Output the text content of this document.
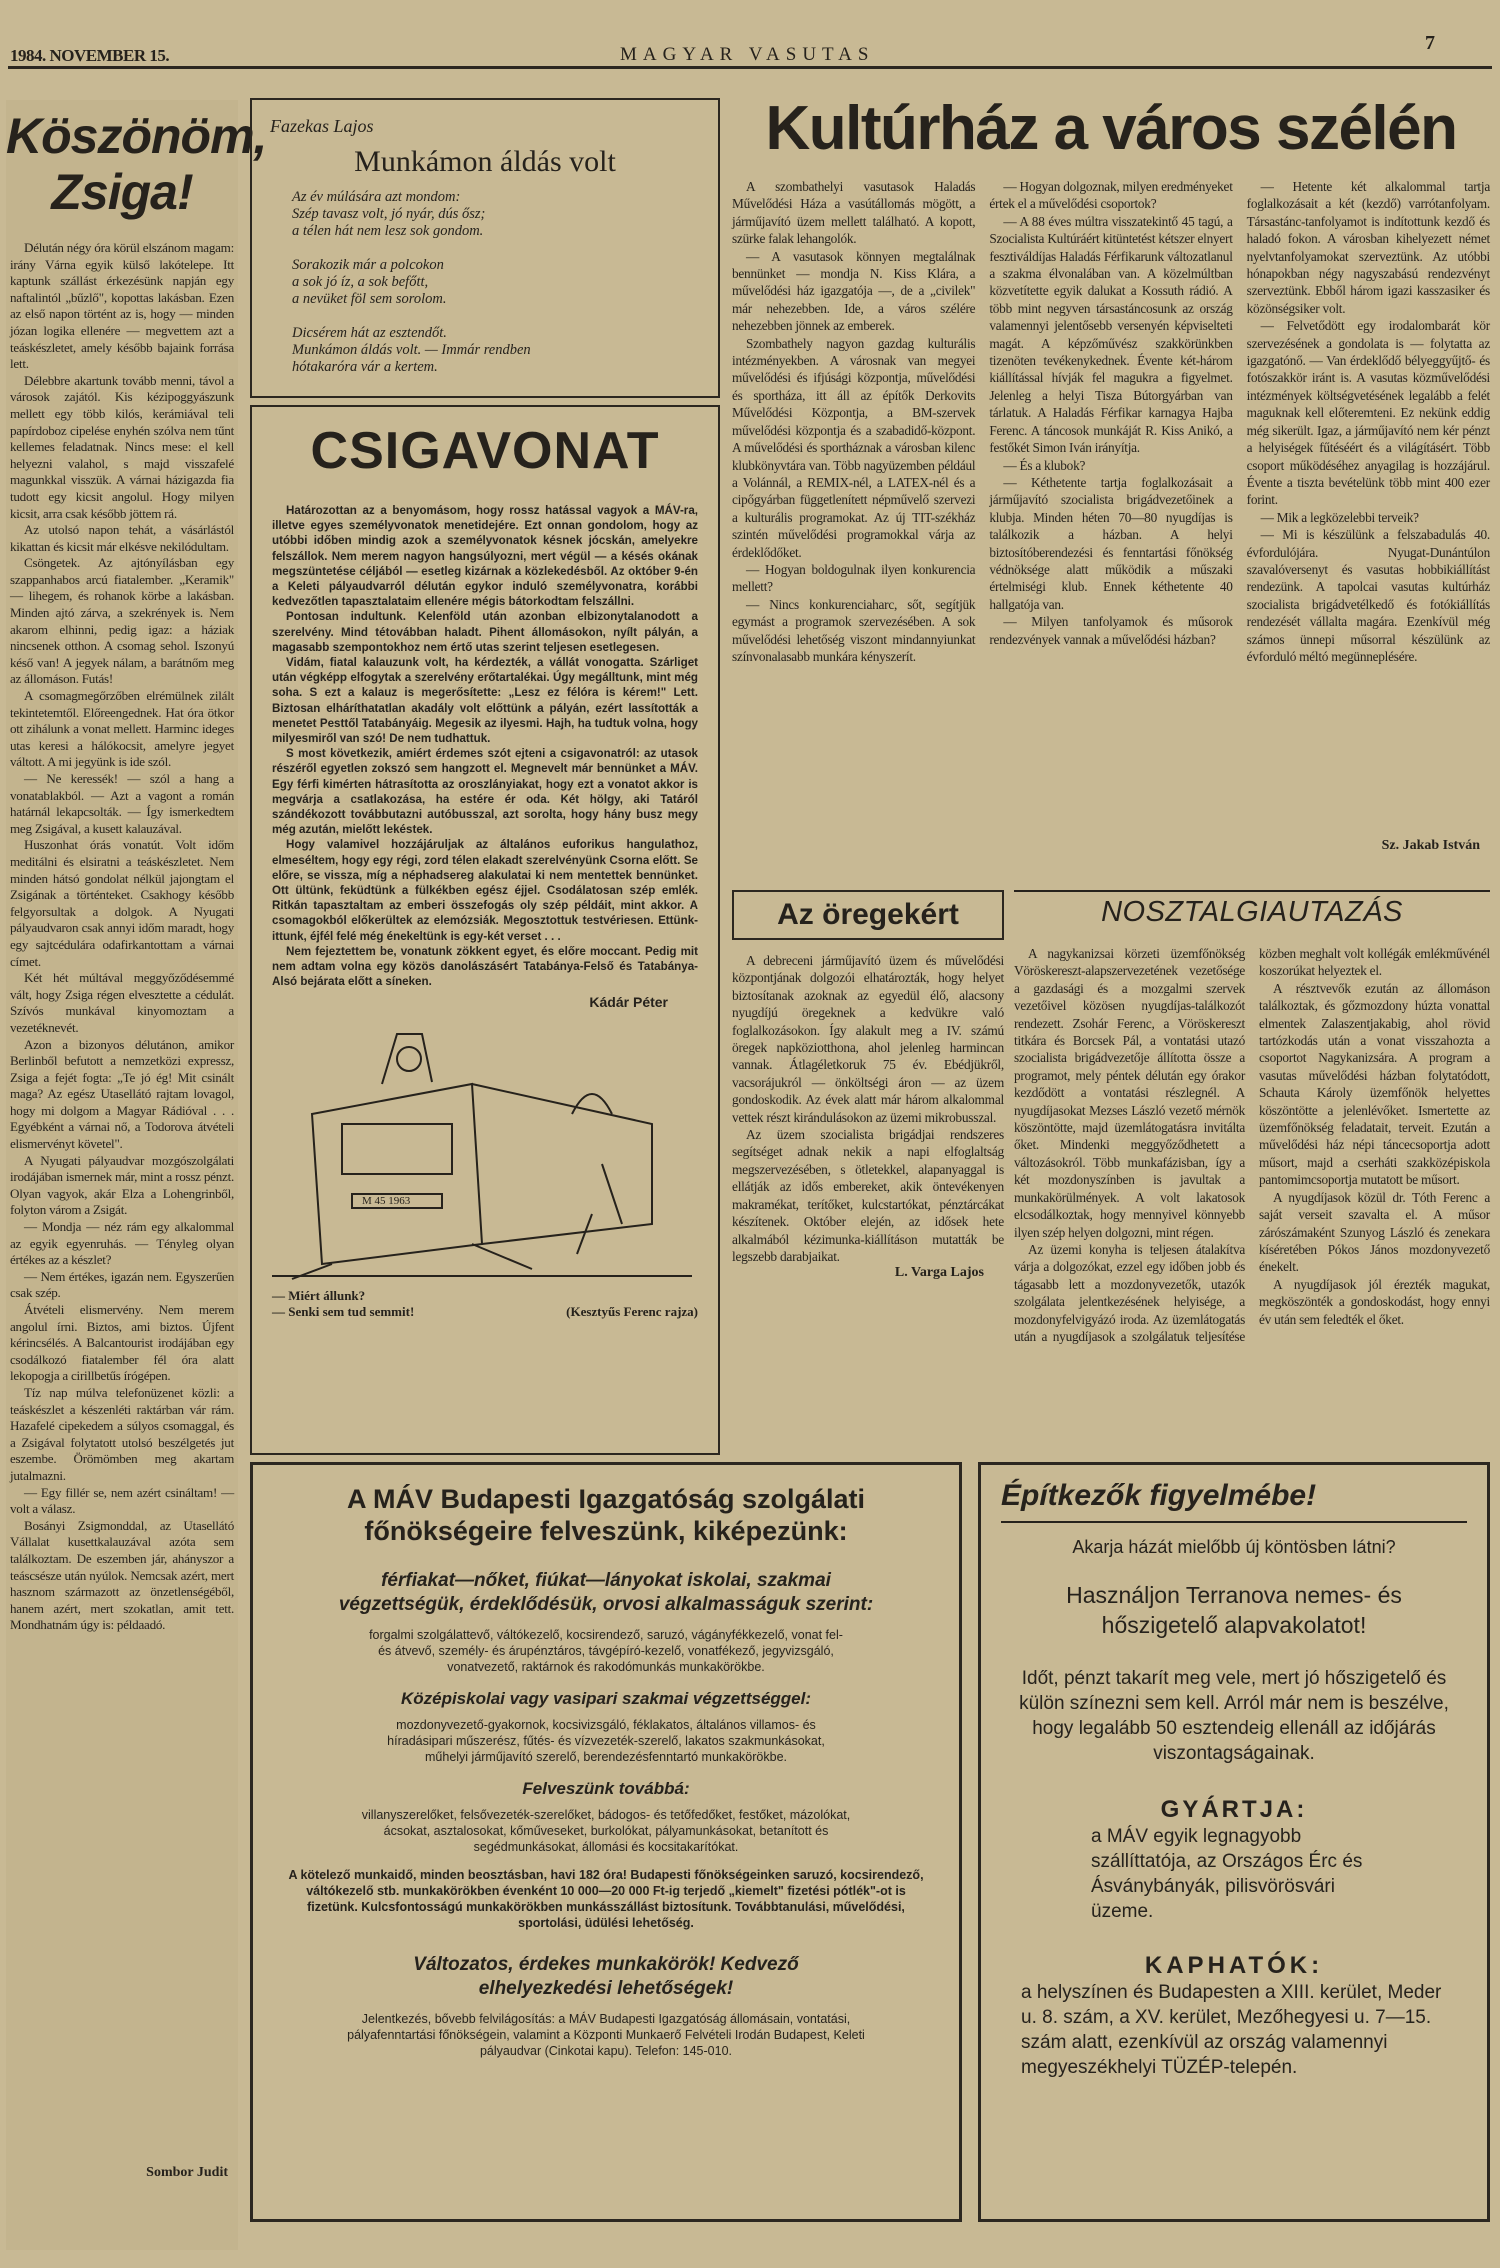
1984. NOVEMBER 15.	MAGYAR VASUTAS
7
Köszönöm,
Zsiga!

Délután négy óra körül elszánom magam: irány Várna egyik külső lakótelepe. Itt kaptunk szállást érkezésünk napján egy naftalintól „bűzlő", kopottas lakásban. Ezen az első napon történt az is, hogy — minden józan logika ellenére — megvettem azt a teáskészletet, amely később bajaink forrása lett.

Délebbre akartunk tovább menni, távol a városok zajától. Kis kézipoggyászunk mellett egy több kilós, kerámiával teli papírdoboz cipelése enyhén szólva nem tűnt kellemes feladatnak. Nincs mese: el kell helyezni valahol, s majd visszafelé magunkkal visszük. A várnai házigazda fia tudott egy kicsit angolul. Hogy milyen kicsit, arra csak később jöttem rá.

Az utolsó napon tehát, a vásárlástól kikattan és kicsit már elkésve nekilódultam.

Csöngetek. Az ajtónyílásban egy szappanhabos arcú fiatalember. „Keramik" — lihegem, és rohanok körbe a lakásban. Minden ajtó zárva, a szekrények is. Nem akarom elhinni, pedig igaz: a háziak nincsenek otthon. A csomag sehol. Iszonyú késő van! A jegyek nálam, a barátnőm meg az állomáson. Futás!

A csomagmegőrzőben elrémülnek zilált tekintetemtől. Előreengednek. Hat óra ötkor ott zihálunk a vonat mellett. Harminc ideges utas keresi a hálókocsit, amelyre jegyet váltott. A mi jegyünk is ide szól.

— Ne keressék! — szól a hang a vonatablakból. — Azt a vagont a román határnál lekapcsolták. — Így ismerkedtem meg Zsigával, a kusett kalauzával.

Huszonhat órás vonatút. Volt időm meditálni és elsiratni a teáskészletet. Nem minden hátsó gondolat nélkül jajongtam el Zsigának a történteket. Csakhogy később felgyorsultak a dolgok. A Nyugati pályaudvaron csak annyi időm maradt, hogy egy sajtcédulára odafirkantottam a várnai címet.

Két hét múltával meggyőződésemmé vált, hogy Zsiga régen elvesztette a cédulát. Szívós munkával kinyomoztam a vezetéknevét.

Azon a bizonyos délutánon, amikor Berlinből befutott a nemzetközi expressz, Zsiga a fejét fogta: „Te jó ég! Mit csinált maga? Az egész Utasellátó rajtam lovagol, hogy mi dolgom a Magyar Rádióval . . . Egyébként a várnai nő, a Todorova átvételi elismervényt követel".

A Nyugati pályaudvar mozgószolgálati irodájában ismernek már, mint a rossz pénzt. Olyan vagyok, akár Elza a Lohengrinből, folyton várom a Zsigát.

— Mondja — néz rám egy alkalommal az egyik egyenruhás. — Tényleg olyan értékes az a készlet?

— Nem értékes, igazán nem. Egyszerűen csak szép.

Átvételi elismervény. Nem merem angolul írni. Biztos, ami biztos. Újfent kérincsélés. A Balcantourist irodájában egy csodálkozó fiatalember fél óra alatt lekopogja a cirillbetűs írógépen.

Tíz nap múlva telefonüzenet közli: a teáskészlet a készenléti raktárban vár rám. Hazafelé cipekedem a súlyos csomaggal, és a Zsigával folytatott utolsó beszélgetés jut eszembe. Örömömben meg akartam jutalmazni.

— Egy fillér se, nem azért csináltam! — volt a válasz.

Bosányi Zsigmonddal, az Utasellátó Vállalat kusettkalauzával azóta sem találkoztam. De eszemben jár, ahányszor a teáscsésze után nyúlok. Nemcsak azért, mert hasznom származott az önzetlenségéből, hanem azért, mert szokatlan, amit tett. Mondhatnám úgy is: példaadó.

Sombor Judit
Fazekas Lajos
Munkámon áldás volt
Az év múlására azt mondom:
Szép tavasz volt, jó nyár, dús ősz;
a télen hát nem lesz sok gondom.
Sorakozik már a polcokon
a sok jó íz, a sok befőtt,
a nevüket föl sem sorolom.
Dicsérem hát az esztendőt.
Munkámon áldás volt. — Immár rendben
hótakaróra vár a kertem.
CSIGAVONAT

Határozottan az a benyomásom, hogy rossz hatással vagyok a MÁV-ra, illetve egyes személyvonatok menetidejére. Ezt onnan gondolom, hogy az utóbbi időben mindig azok a személyvonatok késnek jócskán, amelyekre felszállok. Nem merem nagyon hangsúlyozni, mert végül — a késés okának megszüntetése céljából — esetleg kizárnak a közlekedésből. Az október 9-én a Keleti pályaudvarról délután egykor induló személyvonatra, korábbi kedvezőtlen tapasztalataim ellenére mégis bátorkodtam felszállni.

Pontosan indultunk. Kelenföld után azonban elbizonytalanodott a szerelvény. Mind tétovábban haladt. Pihent állomásokon, nyílt pályán, a magasabb szempontokhoz nem értő utas szerint teljesen esetlegesen.

Vidám, fiatal kalauzunk volt, ha kérdezték, a vállát vonogatta. Szárliget után végképp elfogytak a szerelvény erőtartalékai. Úgy megálltunk, mint még soha. S ezt a kalauz is megerősítette: „Lesz ez félóra is kérem!" Lett. Biztosan elháríthatatlan akadály volt előttünk a pályán, ezért lassították a menetet Pesttől Tatabányáig. Megesik az ilyesmi. Hajh, ha tudtuk volna, hogy milyesmiről van szó! De nem tudhattuk.

S most következik, amiért érdemes szót ejteni a csigavonatról: az utasok részéről egyetlen zokszó sem hangzott el. Megnevelt már bennünket a MÁV. Egy férfi kimérten hátrasította az oroszlányiakat, hogy ezt a vonatot akkor is megvárja a csatlakozása, ha estére ér oda. Két hölgy, aki Tatáról szándékozott továbbutazni autóbusszal, azt sorolta, hogy hány busz megy még azután, mielőtt lekéstek.

Hogy valamivel hozzájáruljak az általános euforikus hangulathoz, elmeséltem, hogy egy régi, zord télen elakadt szerelvényünk Csorna előtt. Se előre, se vissza, míg a néphadsereg alakulatai ki nem mentettek bennünket. Ott ültünk, feküdtünk a fülkékben egész éjjel. Csodálatosan szép emlék. Ritkán tapasztaltam az emberi összefogás oly szép példáit, mint akkor. A csomagokból előkerültek az elemózsiák. Megosztottuk testvériesen. Ettünk-ittunk, éjfél felé még énekeltünk is egy-két verset . . .

Nem fejeztettem be, vonatunk zökkent egyet, és előre moccant. Pedig mit nem adtam volna egy közös danolászásért Tatabánya-Felső és Tatabánya-Alsó bejárata előtt a síneken.

Kádár Péter
M 45 1963
— Miért állunk?
— Senki sem tud semmit!	(Kesztyűs Ferenc rajza)
Kultúrház a város szélén

A szombathelyi vasutasok Haladás Művelődési Háza a vasútállomás mögött, a járműjavító üzem mellett található. A kopott, szürke falak lehangolók.

— A vasutasok könnyen megtalálnak bennünket — mondja N. Kiss Klára, a művelődési ház igazgatója —, de a „civilek" már nehezebben. Ide, a város szélére nehezebben jönnek az emberek.

Szombathely nagyon gazdag kulturális intézményekben. A városnak van megyei művelődési és ifjúsági központja, művelődési és sportháza, itt áll az építők Derkovits Művelődési Központja, a BM-szervek művelődési központja és a szabadidő-központ. A művelődési és sportháznak a városban kilenc klubkönyvtára van. Több nagyüzemben például a Volánnál, a REMIX-nél, a LATEX-nél és a cipőgyárban függetlenített népművelő szervezi a kulturális programokat. Az új TIT-székház szintén művelődési programokkal várja az érdeklődőket.

— Hogyan boldogulnak ilyen konkurencia mellett?

— Nincs konkurenciaharc, sőt, segítjük egymást a programok szervezésében. A sok művelődési lehetőség viszont mindannyiunkat színvonalasabb munkára kényszerít.

— Hogyan dolgoznak, milyen eredményeket értek el a művelődési csoportok?

— A 88 éves múltra visszatekintő 45 tagú, a Szocialista Kultúráért kitüntetést kétszer elnyert fesztiváldíjas Haladás Férfikarunk változatlanul a szakma élvonalában van. A közelmúltban közvetítette egyik dalukat a Kossuth rádió. A több mint negyven társastáncosunk az ország valamennyi jelentősebb versenyén képviselteti magát. A képzőművész szakkörünkben tizenöten tevékenykednek. Évente két-három kiállítással hívják fel magukra a figyelmet. Jelenleg a helyi Tisza Bútorgyárban van tárlatuk. A Haladás Férfikar karnagya Hajba Ferenc. A táncosok munkáját R. Kiss Anikó, a festőkét Simon Iván irányítja.

— És a klubok?

— Kéthetente tartja foglalkozásait a járműjavító szocialista brigádvezetőinek a klubja. Minden héten 70—80 nyugdíjas is találkozik a házban. A helyi biztosítóberendezési és fenntartási főnökség védnöksége alatt működik a műszaki értelmiségi klub. Ennek kéthetente 40 hallgatója van.

— Milyen tanfolyamok és műsorok rendezvények vannak a művelődési házban?

— Hetente két alkalommal tartja foglalkozásait a két (kezdő) varrótanfolyam. Társastánc-tanfolyamot is indítottunk kezdő és haladó fokon. A városban kihelyezett német nyelvtanfolyamokat szerveztünk. Az utóbbi hónapokban négy nagyszabású rendezvényt szerveztünk. Ebből három igazi kasszasiker és közönségsiker volt.

— Felvetődött egy irodalombarát kör szervezésének a gondolata is — folytatta az igazgatónő. — Van érdeklődő bélyeggyűjtő- és fotószakkör iránt is. A vasutas közművelődési intézmények költségvetésének legalább a felét maguknak kell előteremteni. Ez nekünk eddig még sikerült. Igaz, a járműjavító nem kér pénzt a helyiségek fűtéséért és a világításért. Több csoport működéséhez anyagilag is hozzájárul. Évente a tiszta bevételünk több mint 400 ezer forint.

— Mik a legközelebbi terveik?

— Mi is készülünk a felszabadulás 40. évfordulójára. Nyugat-Dunántúlon szavalóversenyt és vasutas hobbikiállítást rendezünk. A tapolcai vasutas kultúrház szocialista brigádvetélkedő és fotókiállítás rendezését vállalta magára. Ezenkívül még számos ünnepi műsorral készülünk az évforduló méltó megünneplésére.

Sz. Jakab István
Az öregekért

A debreceni járműjavító üzem és művelődési központjának dolgozói elhatározták, hogy helyet biztosítanak azoknak az egyedül élő, alacsony nyugdíjú öregeknek a kedvükre való foglalkozásokon. Így alakult meg a IV. számú öregek napköziotthona, ahol jelenleg harmincan vannak. Átlagéletkoruk 75 év. Ebédjükről, vacsorájukról — önköltségi áron — az üzem gondoskodik. Az évek alatt már három alkalommal vettek részt kirándulásokon az üzemi mikrobusszal.

Az üzem szocialista brigádjai rendszeres segítséget adnak nekik a napi elfoglaltság megszervezésében, s ötletekkel, alapanyaggal is ellátják az idős embereket, akik öntevékenyen makramékat, terítőket, kulcstartókat, pénztárcákat készítenek. Október elején, az idősek hete alkalmából kézimunka-kiállításon mutatták be legszebb darabjaikat.

L. Varga Lajos
NOSZTALGIAUTAZÁS

A nagykanizsai körzeti üzemfőnökség Vöröskereszt-alapszervezetének vezetősége a gazdasági és a mozgalmi szervek vezetőivel közösen nyugdíjas-találkozót rendezett. Zsohár Ferenc, a Vöröskereszt titkára és Borcsek Pál, a vontatási utazó szocialista brigádvezetője állította össze a programot, mely péntek délután egy órakor kezdődött a vontatási részlegnél. A nyugdíjasokat Mezses László vezető mérnök köszöntötte, majd üzemlátogatásra invitálta őket. Mindenki meggyőződhetett a változásokról. Több munkafázisban, így a két mozdonyszínben is javultak a munkakörülmények. A volt lakatosok elcsodálkoztak, hogy mennyivel könnyebb ilyen szép helyen dolgozni, mint régen.

Az üzemi konyha is teljesen átalakítva várja a dolgozókat, ezzel egy időben jobb és tágasabb lett a mozdonyvezetők, utazók szolgálata jelentkezésének helyisége, a mozdonyfelvigyázó iroda. Az üzemlátogatás után a nyugdíjasok a szolgálatuk teljesítése közben meghalt volt kollégák emlékművénél koszorúkat helyeztek el.

A résztvevők ezután az állomáson találkoztak, és gőzmozdony húzta vonattal elmentek Zalaszentjakabig, ahol rövid tartózkodás után a vonat visszahozta a csoportot Nagykanizsára. A program a vasutas művelődési házban folytatódott, Schauta Károly üzemfőnök helyettes köszöntötte a jelenlévőket. Ismertette az üzemfőnökség feladatait, terveit. Ezután a művelődési ház népi táncecsoportja adott műsort, majd a cserháti szakközépiskola pantomimcsoportja mutatott be műsort.

A nyugdíjasok közül dr. Tóth Ferenc a saját verseit szavalta el. A műsor zárószámaként Szunyog László és zenekara kíséretében Pókos János mozdonyvezető énekelt.

A nyugdíjasok jól érezték magukat, megköszönték a gondoskodást, hogy ennyi év után sem feledték el őket.

A MÁV Budapesti Igazgatóság szolgálati főnökségeire felveszünk, kiképezünk:

férfiakat—nőket, fiúkat—lányokat iskolai, szakmai végzettségük, érdeklődésük, orvosi alkalmasságuk szerint:

forgalmi szolgálattevő, váltókezelő, kocsirendező, saruzó, vágányfékkezelő, vonat fel- és átvevő, személy- és árupénztáros, távgépíró-kezelő, vonatfékező, jegyvizsgáló, vonatvezető, raktárnok és rakodómunkás munkakörökbe.

Középiskolai vagy vasipari szakmai végzettséggel:

mozdonyvezető-gyakornok, kocsivizsgáló, féklakatos, általános villamos- és híradásipari műszerész, fűtés- és vízvezeték-szerelő, lakatos szakmunkásokat, műhelyi járműjavító szerelő, berendezésfenntartó munkakörökbe.

Felveszünk továbbá:

villanyszerelőket, felsővezeték-szerelőket, bádogos- és tetőfedőket, festőket, mázolókat, ácsokat, asztalosokat, kőműveseket, burkolókat, pályamunkásokat, betanított és segédmunkásokat, állomási és kocsitakarítókat.

A kötelező munkaidő, minden beosztásban, havi 182 óra! Budapesti főnökségeinken saruzó, kocsirendező, váltókezelő stb. munkakörökben évenként 10 000—20 000 Ft-ig terjedő „kiemelt" fizetési pótlék"-ot is fizetünk. Kulcsfontosságú munkakörökben munkásszállást biztosítunk. Továbbtanulási, művelődési, sportolási, üdülési lehetőség.

Változatos, érdekes munkakörök! Kedvező elhelyezkedési lehetőségek!

Jelentkezés, bővebb felvilágosítás: a MÁV Budapesti Igazgatóság állomásain, vontatási, pályafenntartási főnökségein, valamint a Központi Munkaerő Felvételi Irodán Budapest, Keleti pályaudvar (Cinkotai kapu). Telefon: 145-010.

Építkezők figyelmébe!

Akarja házát mielőbb új köntösben látni?

Használjon Terranova nemes- és hőszigetelő alapvakolatot!

Időt, pénzt takarít meg vele, mert jó hőszigetelő és külön színezni sem kell. Arról már nem is beszélve, hogy legalább 50 esztendeig ellenáll az időjárás viszontagságainak.

GYÁRTJA:

a MÁV egyik legnagyobb szállíttatója, az Országos Érc és Ásványbányák, pilisvörösvári üzeme.

KAPHATÓK:

a helyszínen és Budapesten a XIII. kerület, Meder u. 8. szám, a XV. kerület, Mezőhegyesi u. 7—15. szám alatt, ezenkívül az ország valamennyi megyeszékhelyi TÜZÉP-telepén.
